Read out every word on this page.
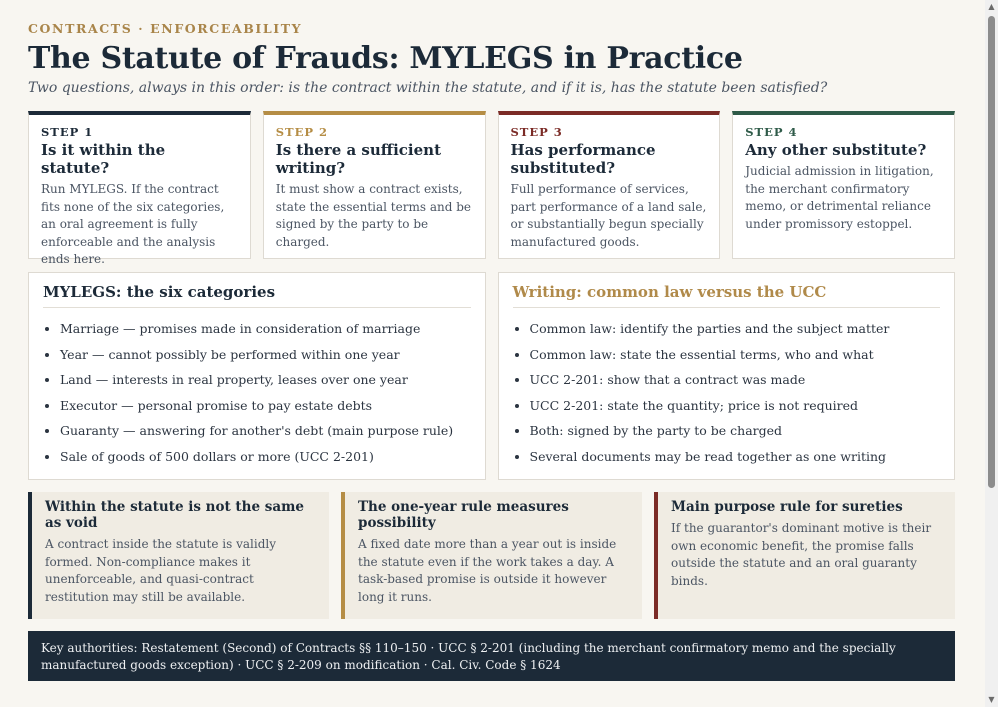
CONTRACTS · ENFORCEABILITY
The Statute of Frauds: MYLEGS in Practice
Two questions, always in this order: is the contract within the statute, and if it is, has the statute been satisfied?
STEP 1
Is it within the statute?
Run MYLEGS. If the contract fits none of the six categories, an oral agreement is fully enforceable and the analysis ends here.
STEP 2
Is there a sufficient writing?
It must show a contract exists, state the essential terms and be signed by the party to be charged.
STEP 3
Has performance substituted?
Full performance of services, part performance of a land sale, or substantially begun specially manufactured goods.
STEP 4
Any other substitute?
Judicial admission in litigation, the merchant confirmatory memo, or detrimental reliance under promissory estoppel.
MYLEGS: the six categories
• Marriage — promises made in consideration of marriage
• Year — cannot possibly be performed within one year
• Land — interests in real property, leases over one year
• Executor — personal promise to pay estate debts
• Guaranty — answering for another's debt (main purpose rule)
• Sale of goods of 500 dollars or more (UCC 2-201)
Writing: common law versus the UCC
• Common law: identify the parties and the subject matter
• Common law: state the essential terms, who and what
• UCC 2-201: show that a contract was made
• UCC 2-201: state the quantity; price is not required
• Both: signed by the party to be charged
• Several documents may be read together as one writing
Within the statute is not the same as void
A contract inside the statute is validly formed. Non-compliance makes it unenforceable, and quasi-contract restitution may still be available.
The one-year rule measures possibility
A fixed date more than a year out is inside the statute even if the work takes a day. A task-based promise is outside it however long it runs.
Main purpose rule for sureties
If the guarantor's dominant motive is their own economic benefit, the promise falls outside the statute and an oral guaranty binds.
Key authorities: Restatement (Second) of Contracts §§ 110–150 · UCC § 2-201 (including the merchant confirmatory memo and the specially manufactured goods exception) · UCC § 2-209 on modification · Cal. Civ. Code § 1624
▲
▼
